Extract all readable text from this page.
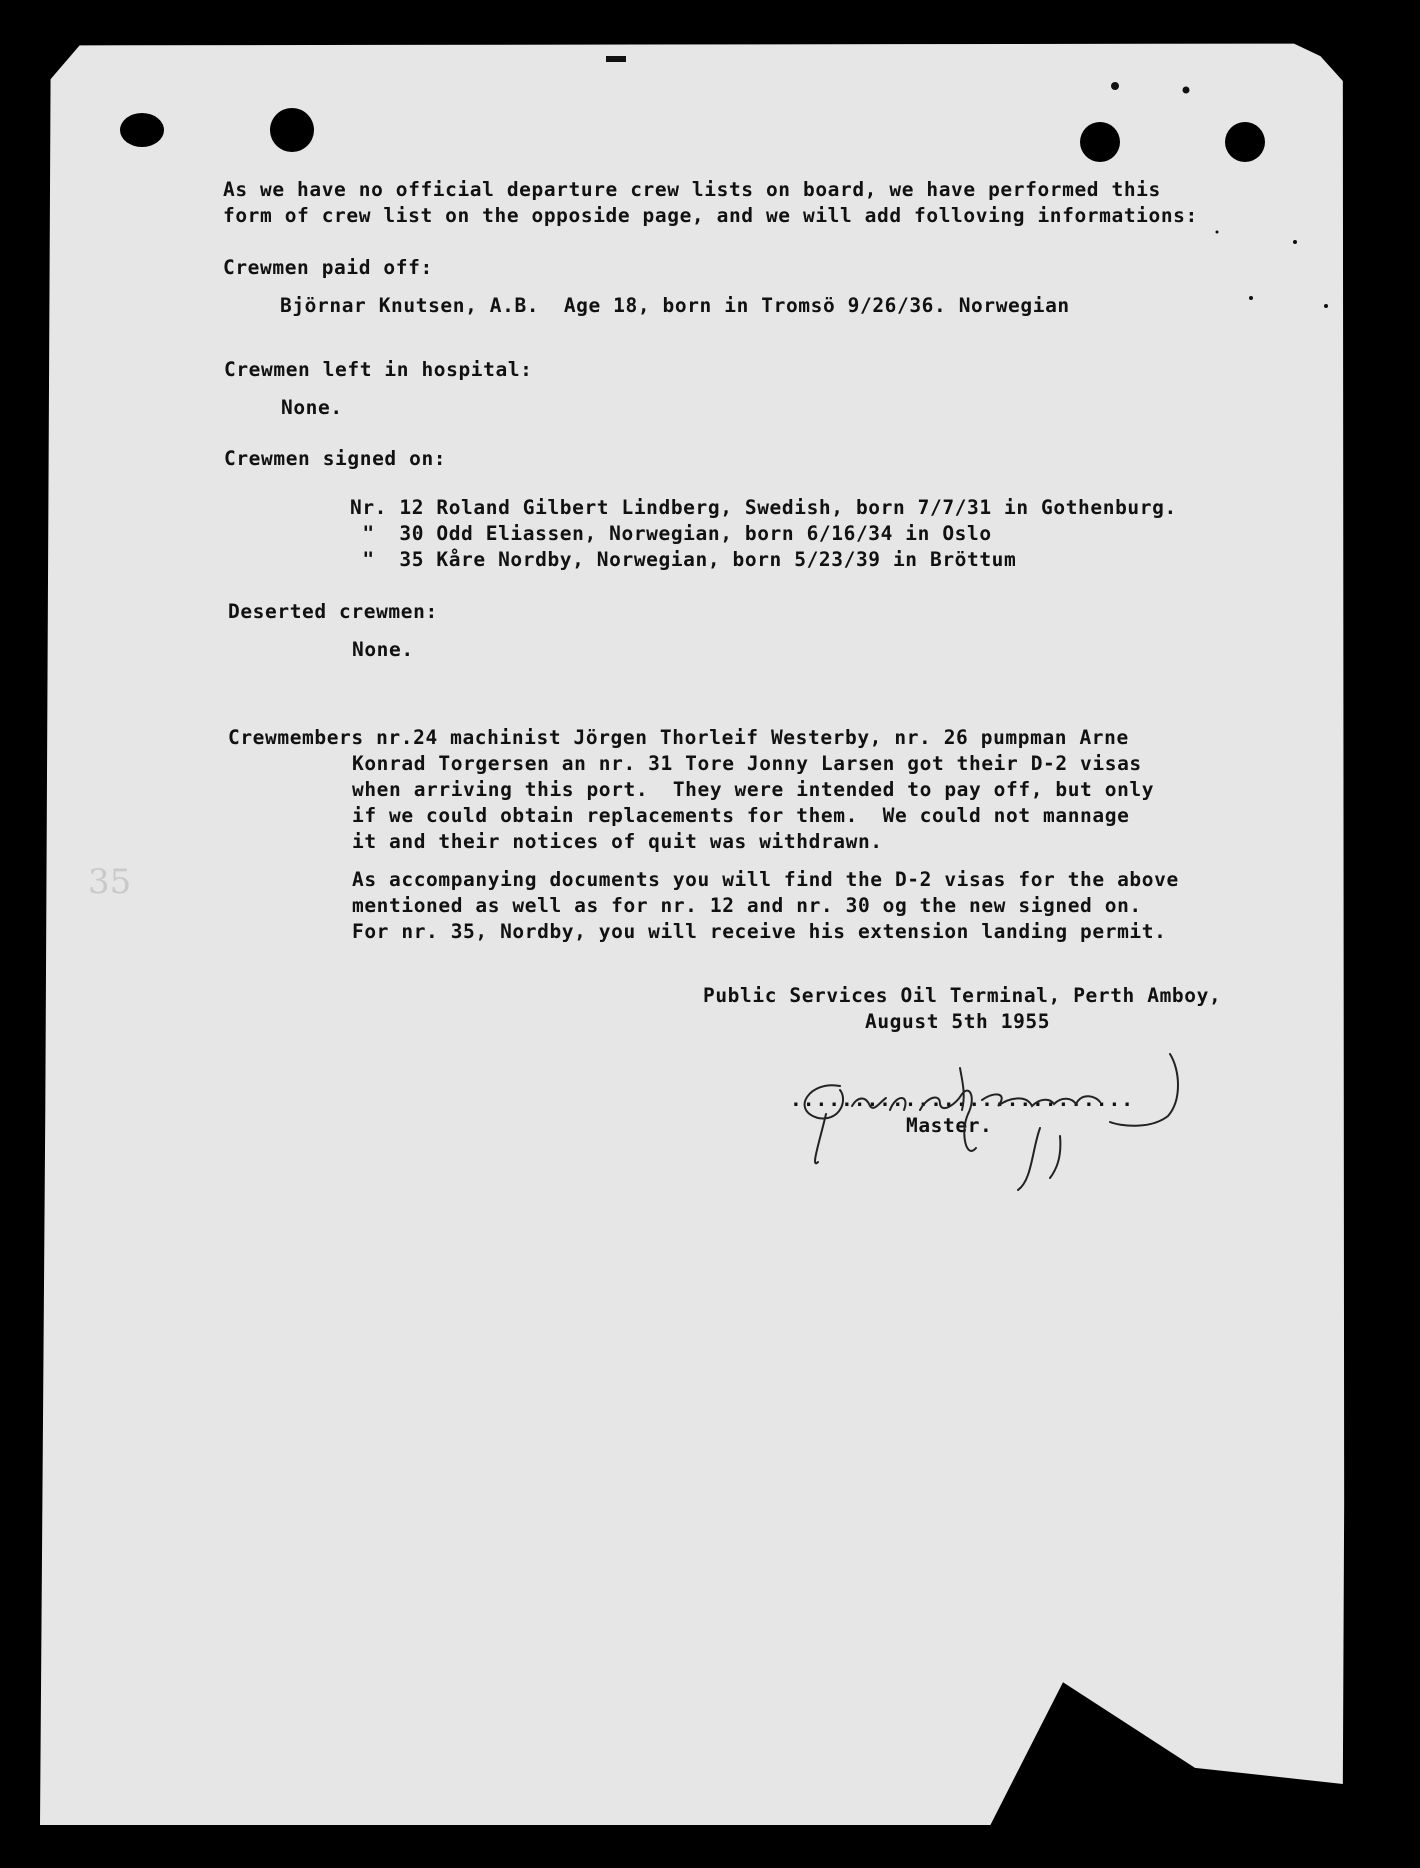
As we have no official departure crew lists on board, we have performed this
form of crew list on the opposide page, and we will add folloving informations:
Crewmen paid off:
Björnar Knutsen, A.B.  Age 18, born in Tromsö 9/26/36. Norwegian
Crewmen left in hospital:
None.
Crewmen signed on:
Nr. 12 Roland Gilbert Lindberg, Swedish, born 7/7/31 in Gothenburg.
"  30 Odd Eliassen, Norwegian, born 6/16/34 in Oslo
"  35 Kåre Nordby, Norwegian, born 5/23/39 in Bröttum
Deserted crewmen:
None.
Crewmembers nr.24 machinist Jörgen Thorleif Westerby, nr. 26 pumpman Arne
Konrad Torgersen an nr. 31 Tore Jonny Larsen got their D-2 visas
when arriving this port.  They were intended to pay off, but only
if we could obtain replacements for them.  We could not mannage
it and their notices of quit was withdrawn.
As accompanying documents you will find the D-2 visas for the above
mentioned as well as for nr. 12 and nr. 30 og the new signed on.
For nr. 35, Nordby, you will receive his extension landing permit.
Public Services Oil Terminal, Perth Amboy,
August 5th 1955
...........................
Master.
35
